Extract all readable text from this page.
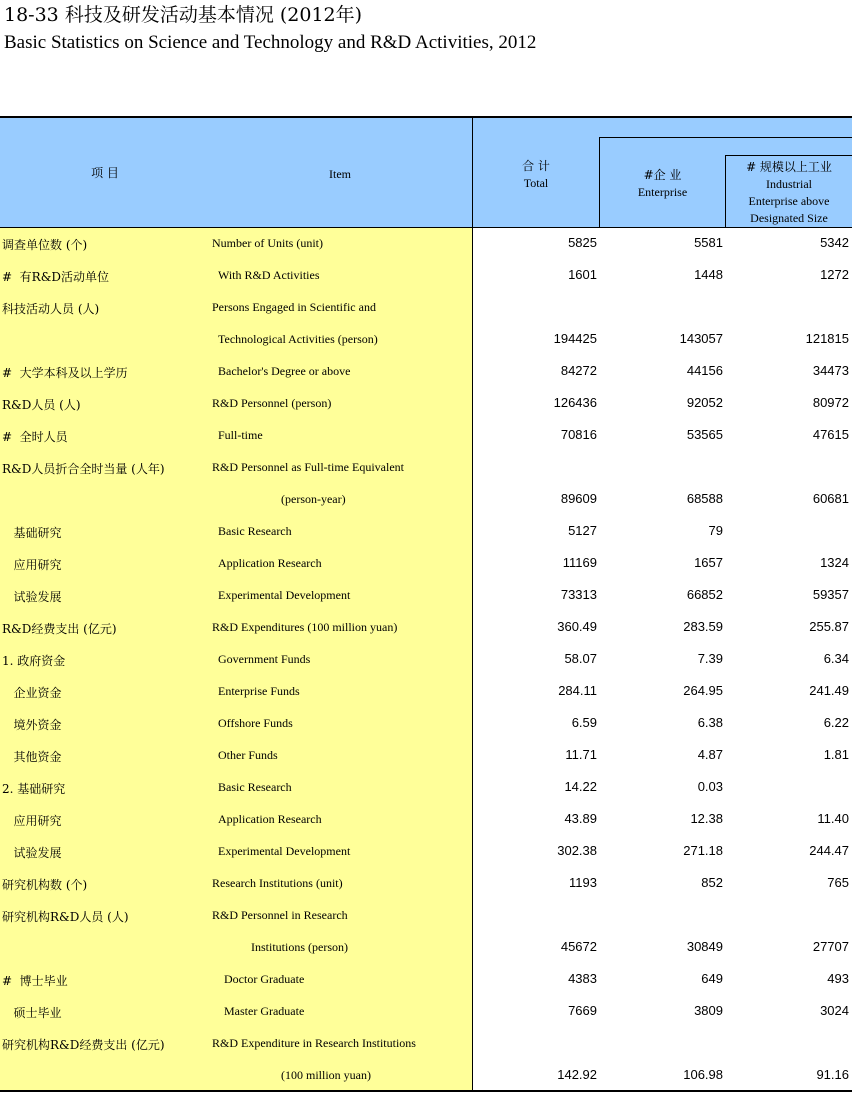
18-33 科技及研发活动基本情况 (2012年)
Basic Statistics on Science and Technology and R&D Activities, 2012
项 目	Item
合 计
Total
#企 业
Enterprise
# 规模以上工业
Industrial
Enterprise above
Designated Size
调查单位数 (个)	Number of Units (unit)	5825	5581	5342
#  有R&D活动单位	With R&D Activities	1601	1448	1272
科技活动人员 (人)	Persons Engaged in Scientific and
Technological Activities (person)	194425	143057	121815
#  大学本科及以上学历	Bachelor's Degree or above	84272	44156	34473
R&D人员 (人)	R&D Personnel (person)	126436	92052	80972
#  全时人员	Full-time	70816	53565	47615
R&D人员折合全时当量 (人年)	R&D Personnel as Full-time Equivalent
(person-year)	89609	68588	60681
基础研究	Basic Research	5127	79
应用研究	Application Research	11169	1657	1324
试验发展	Experimental Development	73313	66852	59357
R&D经费支出 (亿元)	R&D Expenditures (100 million yuan)	360.49	283.59	255.87
1. 政府资金	Government Funds	58.07	7.39	6.34
企业资金	Enterprise Funds	284.11	264.95	241.49
境外资金	Offshore Funds	6.59	6.38	6.22
其他资金	Other Funds	11.71	4.87	1.81
2. 基础研究	Basic Research	14.22	0.03
应用研究	Application Research	43.89	12.38	11.40
试验发展	Experimental Development	302.38	271.18	244.47
研究机构数 (个)	Research Institutions (unit)	1193	852	765
研究机构R&D人员 (人)	R&D Personnel in Research
Institutions (person)	45672	30849	27707
#  博士毕业	Doctor Graduate	4383	649	493
硕士毕业	Master Graduate	7669	3809	3024
研究机构R&D经费支出 (亿元)	R&D Expenditure in Research Institutions
(100 million yuan)	142.92	106.98	91.16
